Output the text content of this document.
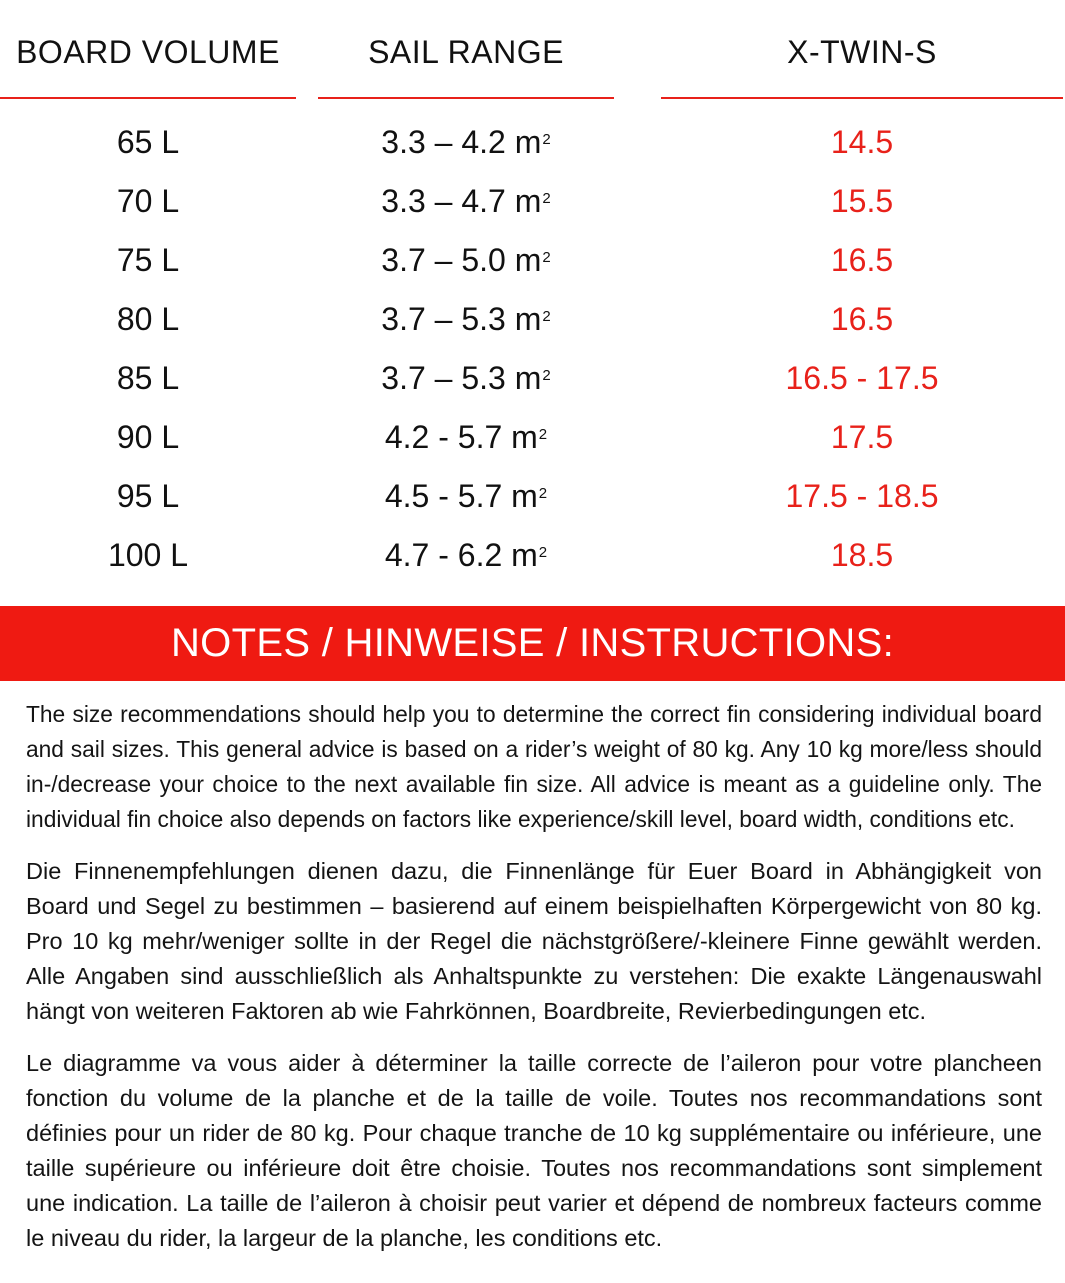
BOARD VOLUME	SAIL RANGE	X-TWIN-S
65 L	3.3 – 4.2 $m^2$	14.5
70 L	3.3 – 4.7 $m^2$	15.5
75 L	3.7 – 5.0 $m^2$	16.5
80 L	3.7 – 5.3 $m^2$	16.5
85 L	3.7 – 5.3 $m^2$	16.5 - 17.5
90 L	4.2 - 5.7 $m^2$	17.5
95 L	4.5 - 5.7 $m^2$	17.5 - 18.5
100 L	4.7 - 6.2 $m^2$	18.5
NOTES / HINWEISE / INSTRUCTIONS:

The size recommendations should help you to determine the correct fin considering individual board and sail sizes. This general advice is based on a rider’s weight of 80 kg. Any 10 kg more/less should in-/decrease your choice to the next available fin size. All advice is meant as a guideline only. The individual fin choice also depends on factors like experience/skill level, board width, conditions etc.

Die Finnenempfehlungen dienen dazu, die Finnenlänge für Euer Board in Abhängigkeit von Board und Segel zu bestimmen – basierend auf einem beispielhaften Körpergewicht von 80 kg. Pro 10 kg mehr/weniger sollte in der Regel die nächstgrößere/-kleinere Finne gewählt werden. Alle Angaben sind ausschließlich als Anhaltspunkte zu verstehen: Die exakte Längenauswahl hängt von weiteren Faktoren ab wie Fahrkönnen, Boardbreite, Revierbedingungen etc.

Le diagramme va vous aider à déterminer la taille correcte de l’aileron pour votre plancheen fonction du volume de la planche et de la taille de voile. Toutes nos recommandations sont définies pour un rider de 80 kg. Pour chaque tranche de 10 kg supplémentaire ou inférieure, une taille supérieure ou inférieure doit être choisie. Toutes nos recommandations sont simplement une indication. La taille de l’aileron à choisir peut varier et dépend de nombreux facteurs comme le niveau du rider, la largeur de la planche, les conditions etc.
